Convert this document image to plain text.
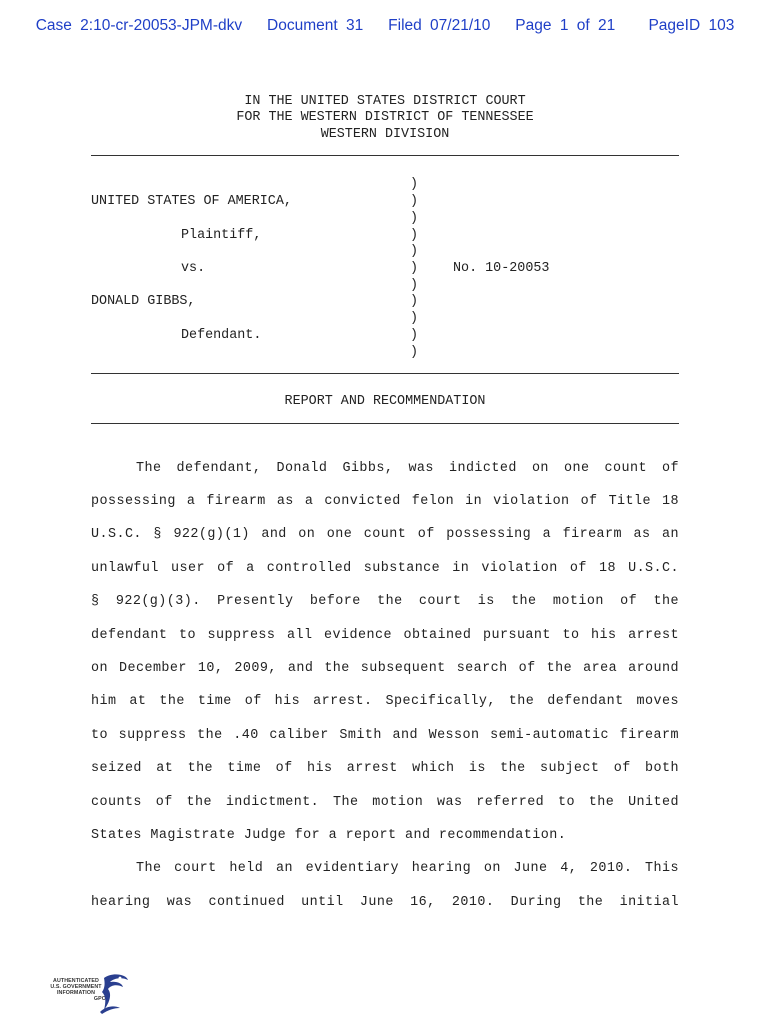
Case 2:10-cr-20053-JPM-dkv   Document 31   Filed 07/21/10   Page 1 of 21    PageID 103
IN THE UNITED STATES DISTRICT COURT
FOR THE WESTERN DISTRICT OF TENNESSEE
WESTERN DIVISION
UNITED STATES OF AMERICA,
Plaintiff,
vs.
DONALD GIBBS,
Defendant.
No. 10-20053
)
)
)
)
)
)
)
)
)
)
)
REPORT AND RECOMMENDATION
The defendant, Donald Gibbs, was indicted on one count of
possessing a firearm as a convicted felon in violation of Title 18
U.S.C. § 922(g)(1) and on one count of possessing a firearm as an
unlawful user of a controlled substance in violation of 18 U.S.C.
§ 922(g)(3). Presently before the court is the motion of the
defendant to suppress all evidence obtained pursuant to his arrest
on December 10, 2009, and the subsequent search of the area around
him at the time of his arrest. Specifically, the defendant moves
to suppress the .40 caliber Smith and Wesson semi-automatic firearm
seized at the time of his arrest which is the subject of both
counts of the indictment. The motion was referred to the United
States Magistrate Judge for a report and recommendation.
The court held an evidentiary hearing on June 4, 2010. This
hearing was continued until June 16, 2010. During the initial
AUTHENTICATED
U.S. GOVERNMENT
INFORMATION
GPO
